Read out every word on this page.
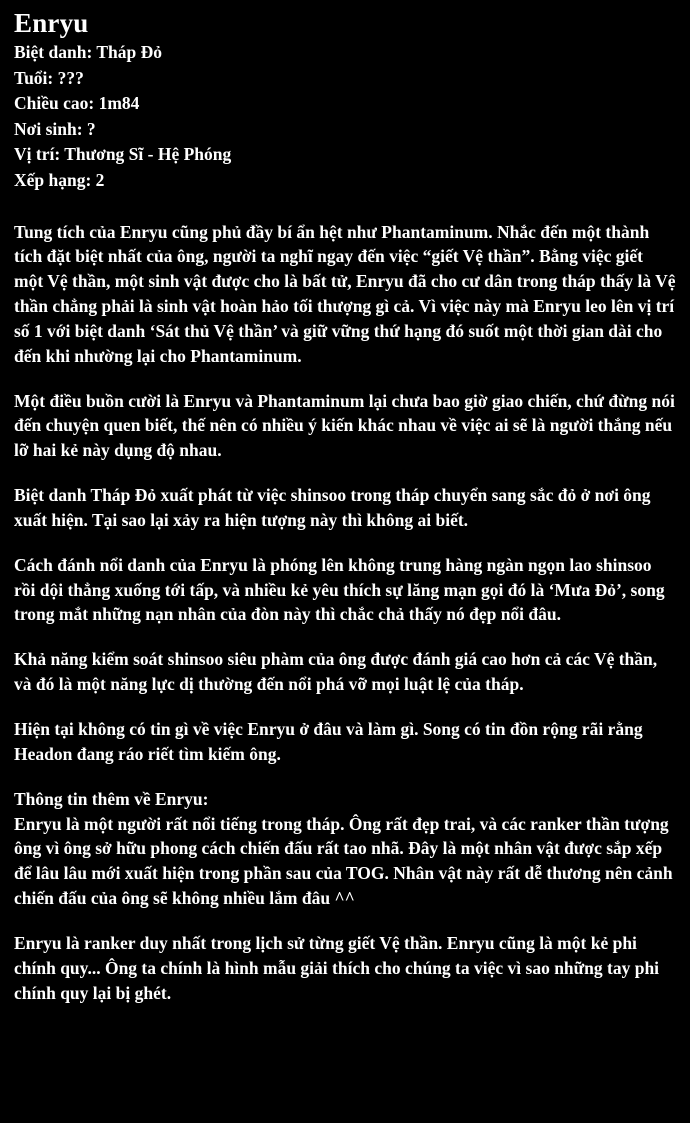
Enryu
Biệt danh: Tháp Đỏ
Tuổi: ???
Chiều cao: 1m84
Nơi sinh: ?
Vị trí: Thương Sĩ - Hệ Phóng
Xếp hạng: 2

Tung tích của Enryu cũng phủ đầy bí ẩn hệt như Phantaminum. Nhắc đến một thành tích đặt biệt nhất của ông, người ta nghĩ ngay đến việc “giết Vệ thần”. Bằng việc giết một Vệ thần, một sinh vật được cho là bất tử, Enryu đã cho cư dân trong tháp thấy là Vệ thần chẳng phải là sinh vật hoàn hảo tối thượng gì cả. Vì việc này mà Enryu leo lên vị trí số 1 với biệt danh ‘Sát thủ Vệ thần’ và giữ vững thứ hạng đó suốt một thời gian dài cho đến khi nhường lại cho Phantaminum.

Một điều buồn cười là Enryu và Phantaminum lại chưa bao giờ giao chiến, chứ đừng nói đến chuyện quen biết, thế nên có nhiều ý kiến khác nhau về việc ai sẽ là người thắng nếu lỡ hai kẻ này dụng độ nhau.

Biệt danh Tháp Đỏ xuất phát từ việc shinsoo trong tháp chuyển sang sắc đỏ ở nơi ông xuất hiện. Tại sao lại xảy ra hiện tượng này thì không ai biết.

Cách đánh nổi danh của Enryu là phóng lên không trung hàng ngàn ngọn lao shinsoo rồi dội thẳng xuống tới tấp, và nhiều kẻ yêu thích sự lăng mạn gọi đó là ‘Mưa Đỏ’, song trong mắt những nạn nhân của đòn này thì chắc chả thấy nó đẹp nổi đâu.

Khả năng kiểm soát shinsoo siêu phàm của ông được đánh giá cao hơn cả các Vệ thần, và đó là một năng lực dị thường đến nổi phá vỡ mọi luật lệ của tháp.

Hiện tại không có tin gì về việc Enryu ở đâu và làm gì. Song có tin đồn rộng rãi rằng Headon đang ráo riết tìm kiếm ông.

Thông tin thêm về Enryu:

Enryu là một người rất nổi tiếng trong tháp. Ông rất đẹp trai, và các ranker thần tượng ông vì ông sở hữu phong cách chiến đấu rất tao nhã. Đây là một nhân vật được sắp xếp để lâu lâu mới xuất hiện trong phần sau của TOG. Nhân vật này rất dễ thương nên cảnh chiến đấu của ông sẽ không nhiều lắm đâu ^^

Enryu là ranker duy nhất trong lịch sử từng giết Vệ thần. Enryu cũng là một kẻ phi chính quy... Ông ta chính là hình mẫu giải thích cho chúng ta việc vì sao những tay phi chính quy lại bị ghét.
